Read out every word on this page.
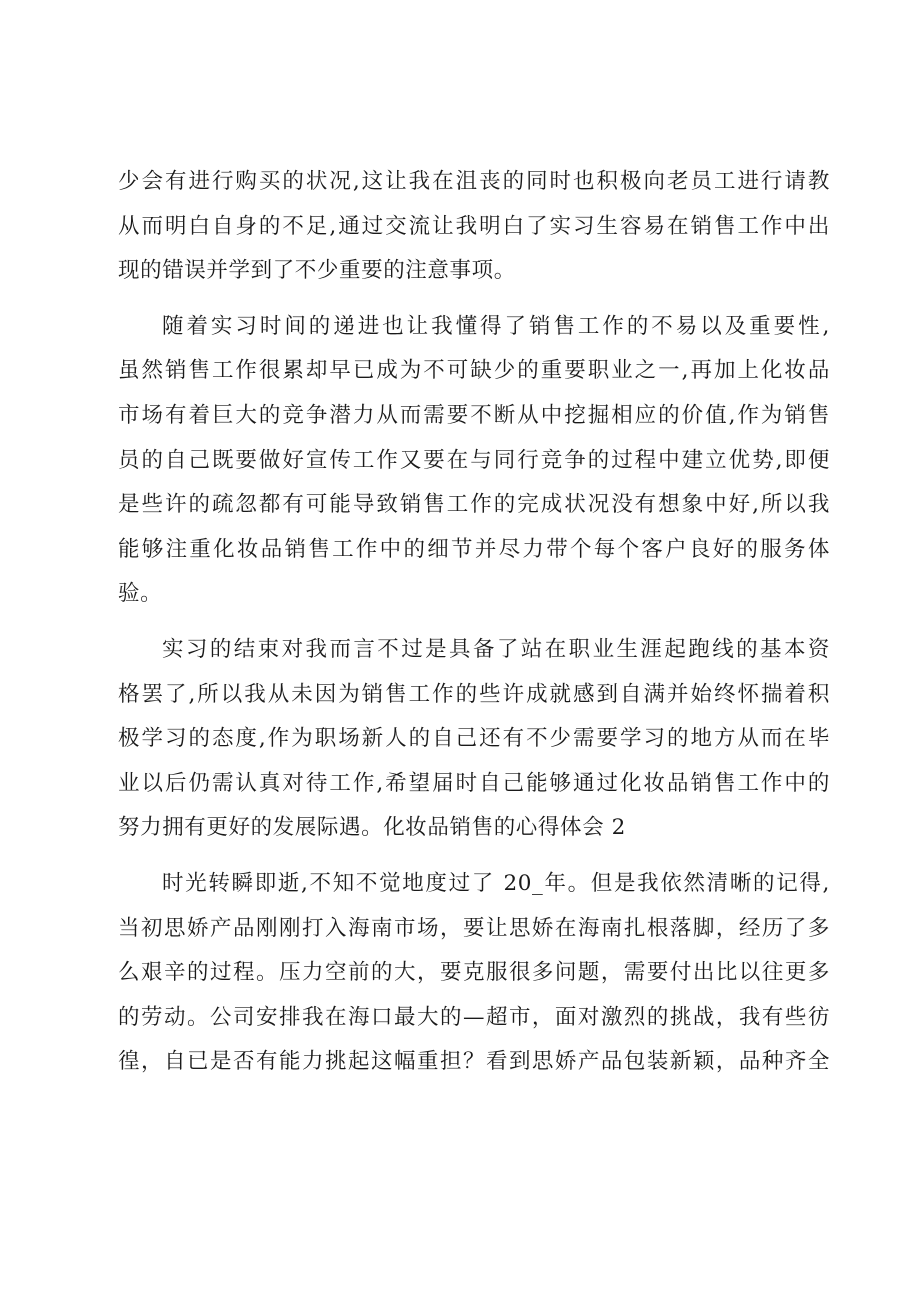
少会有进行购买的状况,这让我在沮丧的同时也积极向老员工进行请教
从而明白自身的不足,通过交流让我明白了实习生容易在销售工作中出
现的错误并学到了不少重要的注意事项。

随着实习时间的递进也让我懂得了销售工作的不易以及重要性,
虽然销售工作很累却早已成为不可缺少的重要职业之一,再加上化妆品
市场有着巨大的竞争潜力从而需要不断从中挖掘相应的价值,作为销售
员的自己既要做好宣传工作又要在与同行竞争的过程中建立优势,即便
是些许的疏忽都有可能导致销售工作的完成状况没有想象中好,所以我
能够注重化妆品销售工作中的细节并尽力带个每个客户良好的服务体
验。

实习的结束对我而言不过是具备了站在职业生涯起跑线的基本资
格罢了,所以我从未因为销售工作的些许成就感到自满并始终怀揣着积
极学习的态度,作为职场新人的自己还有不少需要学习的地方从而在毕
业以后仍需认真对待工作,希望届时自己能够通过化妆品销售工作中的
努力拥有更好的发展际遇。化妆品销售的心得体会 2

时光转瞬即逝,不知不觉地度过了 20_年。但是我依然清晰的记得,
当初思娇产品刚刚打入海南市场，要让思娇在海南扎根落脚，经历了多
么艰辛的过程。压力空前的大，要克服很多问题，需要付出比以往更多
的劳动。公司安排我在海口最大的—超市，面对激烈的挑战，我有些彷
徨，自已是否有能力挑起这幅重担？看到思娇产品包装新颖，品种齐全
